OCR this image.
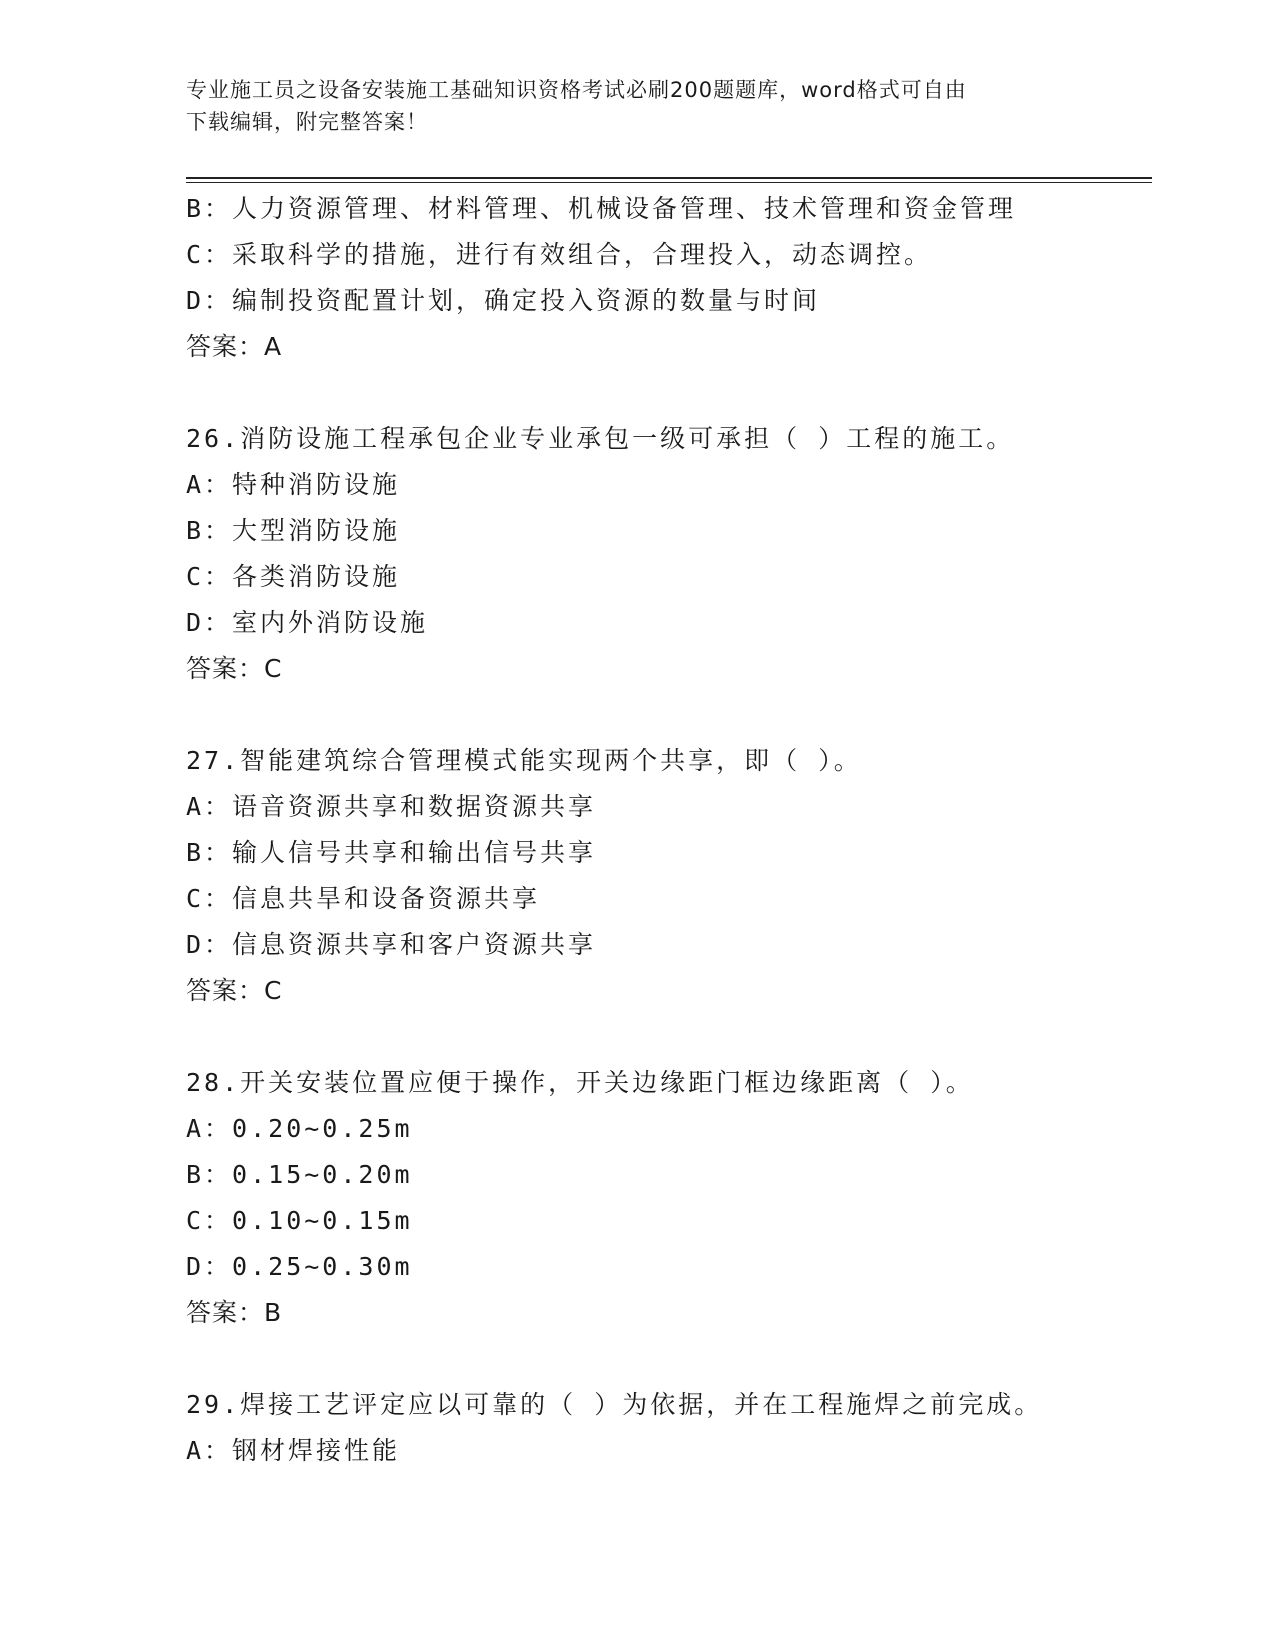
专业施工员之设备安装施工基础知识资格考试必刷200题题库，word格式可自由
下载编辑，附完整答案！
B：人力资源管理、材料管理、机械设备管理、技术管理和资金管理
C：采取科学的措施，进行有效组合，合理投入，动态调控。
D：编制投资配置计划，确定投入资源的数量与时间
答案：A
26.消防设施工程承包企业专业承包一级可承担（ ）工程的施工。
A：特种消防设施
B：大型消防设施
C：各类消防设施
D：室内外消防设施
答案：C
27.智能建筑综合管理模式能实现两个共享，即（ ）。
A：语音资源共享和数据资源共享
B：输人信号共享和输出信号共享
C：信息共旱和设备资源共享
D：信息资源共享和客户资源共享
答案：C
28.开关安装位置应便于操作，开关边缘距门框边缘距离（ ）。
A：0.20~0.25m
B：0.15~0.20m
C：0.10~0.15m
D：0.25~0.30m
答案：B
29.焊接工艺评定应以可靠的（ ）为依据，并在工程施焊之前完成。
A：钢材焊接性能
